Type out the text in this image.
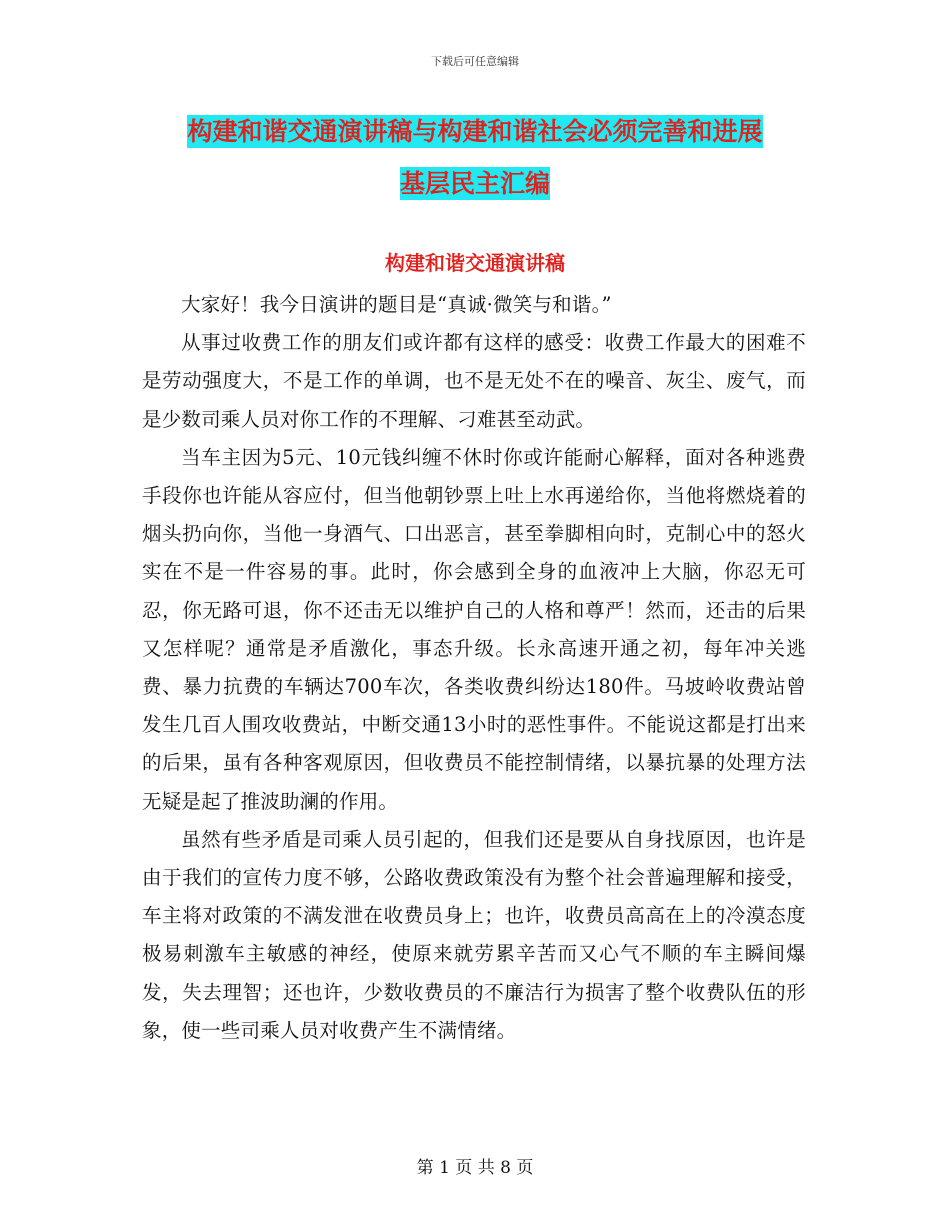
下载后可任意编辑
构建和谐交通演讲稿与构建和谐社会必须完善和进展
基层民主汇编
构建和谐交通演讲稿

大家好！我今日演讲的题目是“真诚·微笑与和谐。”

从事过收费工作的朋友们或许都有这样的感受：收费工作最大的困难不是劳动强度大，不是工作的单调，也不是无处不在的噪音、灰尘、废气，而是少数司乘人员对你工作的不理解、刁难甚至动武。

当车主因为5元、10元钱纠缠不休时你或许能耐心解释，面对各种逃费手段你也许能从容应付，但当他朝钞票上吐上水再递给你，当他将燃烧着的烟头扔向你，当他一身酒气、口出恶言，甚至拳脚相向时，克制心中的怒火实在不是一件容易的事。此时，你会感到全身的血液冲上大脑，你忍无可忍，你无路可退，你不还击无以维护自己的人格和尊严！然而，还击的后果又怎样呢？通常是矛盾激化，事态升级。长永高速开通之初，每年冲关逃费、暴力抗费的车辆达700车次，各类收费纠纷达180件。马坡岭收费站曾发生几百人围攻收费站，中断交通13小时的恶性事件。不能说这都是打出来的后果，虽有各种客观原因，但收费员不能控制情绪，以暴抗暴的处理方法无疑是起了推波助澜的作用。

虽然有些矛盾是司乘人员引起的，但我们还是要从自身找原因，也许是由于我们的宣传力度不够，公路收费政策没有为整个社会普遍理解和接受，车主将对政策的不满发泄在收费员身上；也许，收费员高高在上的冷漠态度极易刺激车主敏感的神经，使原来就劳累辛苦而又心气不顺的车主瞬间爆发，失去理智；还也许，少数收费员的不廉洁行为损害了整个收费队伍的形象，使一些司乘人员对收费产生不满情绪。

第 1 页 共 8 页
